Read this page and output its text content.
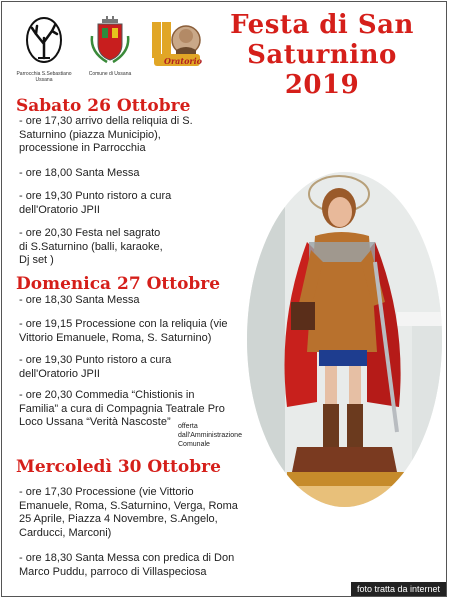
Parrocchia S.Sebastiano
Ussana
Comune di Ussana
Oratorio
Festa di San
Saturnino
2019
Sabato 26 Ottobre
- ore 17,30 arrivo della reliquia di S.
Saturnino (piazza Municipio),
processione in Parrocchia
- ore 18,00 Santa Messa
- ore 19,30 Punto ristoro a cura
dell'Oratorio JPII
- ore 20,30 Festa nel sagrato
di S.Saturnino (balli, karaoke,
Dj set )
Domenica 27 Ottobre
- ore 18,30 Santa Messa
- ore 19,15 Processione con la reliquia (vie
Vittorio Emanuele, Roma, S. Saturnino)
- ore 19,30 Punto ristoro a cura
dell'Oratorio JPII
- ore 20,30 Commedia “Chistionis in
Familia” a cura di Compagnia Teatrale Pro
Loco Ussana “Verità Nascoste”	offerta
dall'Amministrazione Comunale
Mercoledì 30 Ottobre
- ore 17,30 Processione (vie Vittorio
Emanuele, Roma, S.Saturnino, Verga, Roma
25 Aprile, Piazza 4 Novembre, S.Angelo,
Carducci, Marconi)
- ore 18,30 Santa Messa con predica di Don
Marco Puddu, parroco di Villaspeciosa
foto tratta da internet
